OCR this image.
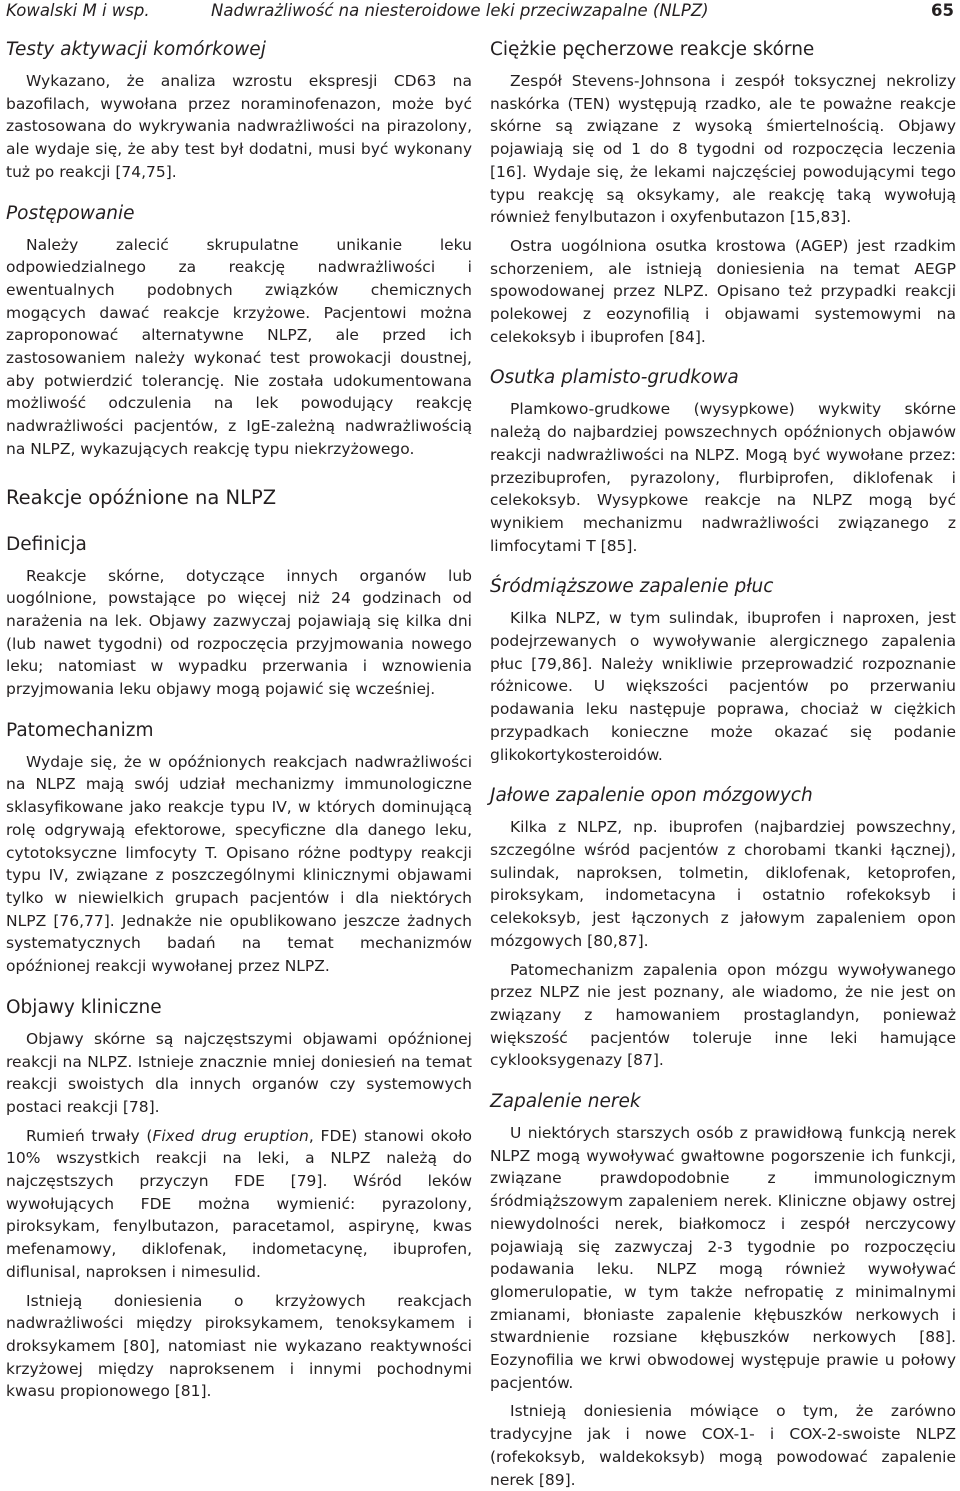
Kowalski M i wsp.	Nadwrażliwość na niesteroidowe leki przeciwzapalne (NLPZ)	65
Testy aktywacji komórkowej

Wykazano, że analiza wzrostu ekspresji CD63 na bazofilach, wywołana przez noraminofenazon, może być zastosowana do wykrywania nadwrażliwości na pirazolony, ale wydaje się, że aby test był dodatni, musi być wykonany tuż po reakcji [74,75].

Postępowanie

Należy zalecić skrupulatne unikanie leku odpowiedzialnego za reakcję nadwrażliwości i ewentualnych podobnych związków chemicznych mogących dawać reakcje krzyżowe. Pacjentowi można zaproponować alternatywne NLPZ, ale przed ich zastosowaniem należy wykonać test prowokacji doustnej, aby potwierdzić tolerancję. Nie została udokumentowana możliwość odczulenia na lek powodujący reakcję nadwrażliwości pacjentów, z IgE-zależną nadwrażliwością na NLPZ, wykazujących reakcję typu niekrzyżowego.

Reakcje opóźnione na NLPZ
Definicja

Reakcje skórne, dotyczące innych organów lub uogólnione, powstające po więcej niż 24 godzinach od narażenia na lek. Objawy zazwyczaj pojawiają się kilka dni (lub nawet tygodni) od rozpoczęcia przyjmowania nowego leku; natomiast w wypadku przerwania i wznowienia przyjmowania leku objawy mogą pojawić się wcześniej.

Patomechanizm

Wydaje się, że w opóźnionych reakcjach nadwrażliwości na NLPZ mają swój udział mechanizmy immunologiczne sklasyfikowane jako reakcje typu IV, w których dominującą rolę odgrywają efektorowe, specyficzne dla danego leku, cytotoksyczne limfocyty T. Opisano różne podtypy reakcji typu IV, związane z poszczególnymi klinicznymi objawami tylko w niewielkich grupach pacjentów i dla niektórych NLPZ [76,77]. Jednakże nie opublikowano jeszcze żadnych systematycznych badań na temat mechanizmów opóźnionej reakcji wywołanej przez NLPZ.

Objawy kliniczne

Objawy skórne są najczęstszymi objawami opóźnionej reakcji na NLPZ. Istnieje znacznie mniej doniesień na temat reakcji swoistych dla innych organów czy systemowych postaci reakcji [78].

Rumień trwały (Fixed drug eruption, FDE) stanowi około 10% wszystkich reakcji na leki, a NLPZ należą do najczęstszych przyczyn FDE [79]. Wśród leków wywołujących FDE można wymienić: pyrazolony, piroksykam, fenylbutazon, paracetamol, aspirynę, kwas mefenamowy, diklofenak, indometacynę, ibuprofen, diflunisal, naproksen i nimesulid.

Istnieją doniesienia o krzyżowych reakcjach nadwrażliwości między piroksykamem, tenoksykamem i droksykamem [80], natomiast nie wykazano reaktywności krzyżowej między naproksenem i innymi pochodnymi kwasu propionowego [81].

Ciężkie pęcherzowe reakcje skórne

Zespół Stevens-Johnsona i zespół toksycznej nekrolizy naskórka (TEN) występują rzadko, ale te poważne reakcje skórne są związane z wysoką śmiertelnością. Objawy pojawiają się od 1 do 8 tygodni od rozpoczęcia leczenia [16]. Wydaje się, że lekami najczęściej powodującymi tego typu reakcję są oksykamy, ale reakcję taką wywołują również fenylbutazon i oxyfenbutazon [15,83].

Ostra uogólniona osutka krostowa (AGEP) jest rzadkim schorzeniem, ale istnieją doniesienia na temat AEGP spowodowanej przez NLPZ. Opisano też przypadki reakcji polekowej z eozynofilią i objawami systemowymi na celekoksyb i ibuprofen [84].

Osutka plamisto-grudkowa

Plamkowo-grudkowe (wysypkowe) wykwity skórne należą do najbardziej powszechnych opóźnionych objawów reakcji nadwrażliwości na NLPZ. Mogą być wywołane przez: przezibuprofen, pyrazolony, flurbiprofen, diklofenak i celekoksyb. Wysypkowe reakcje na NLPZ mogą być wynikiem mechanizmu nadwrażliwości związanego z limfocytami T [85].

Śródmiąższowe zapalenie płuc

Kilka NLPZ, w tym sulindak, ibuprofen i naproxen, jest podejrzewanych o wywoływanie alergicznego zapalenia płuc [79,86]. Należy wnikliwie przeprowadzić rozpoznanie różnicowe. U większości pacjentów po przerwaniu podawania leku następuje poprawa, chociaż w ciężkich przypadkach konieczne może okazać się podanie glikokortykosteroidów.

Jałowe zapalenie opon mózgowych

Kilka z NLPZ, np. ibuprofen (najbardziej powszechny, szczególne wśród pacjentów z chorobami tkanki łącznej), sulindak, naproksen, tolmetin, diklofenak, ketoprofen, piroksykam, indometacyna i ostatnio rofekoksyb i celekoksyb, jest łączonych z jałowym zapaleniem opon mózgowych [80,87].

Patomechanizm zapalenia opon mózgu wywoływanego przez NLPZ nie jest poznany, ale wiadomo, że nie jest on związany z hamowaniem prostaglandyn, ponieważ większość pacjentów toleruje inne leki hamujące cyklooksygenazy [87].

Zapalenie nerek

U niektórych starszych osób z prawidłową funkcją nerek NLPZ mogą wywoływać gwałtowne pogorszenie ich funkcji, związane prawdopodobnie z immunologicznym śródmiąższowym zapaleniem nerek. Kliniczne objawy ostrej niewydolności nerek, białkomocz i zespół nerczycowy pojawiają się zazwyczaj 2-3 tygodnie po rozpoczęciu podawania leku. NLPZ mogą również wywoływać glomerulopatie, w tym także nefropatię z minimalnymi zmianami, błoniaste zapalenie kłębuszków nerkowych i stwardnienie rozsiane kłębuszków nerkowych [88]. Eozynofilia we krwi obwodowej występuje prawie u połowy pacjentów.

Istnieją doniesienia mówiące o tym, że zarówno tradycyjne jak i nowe COX-1- i COX-2-swoiste NLPZ (rofekoksyb, waldekoksyb) mogą powodować zapalenie nerek [89].
